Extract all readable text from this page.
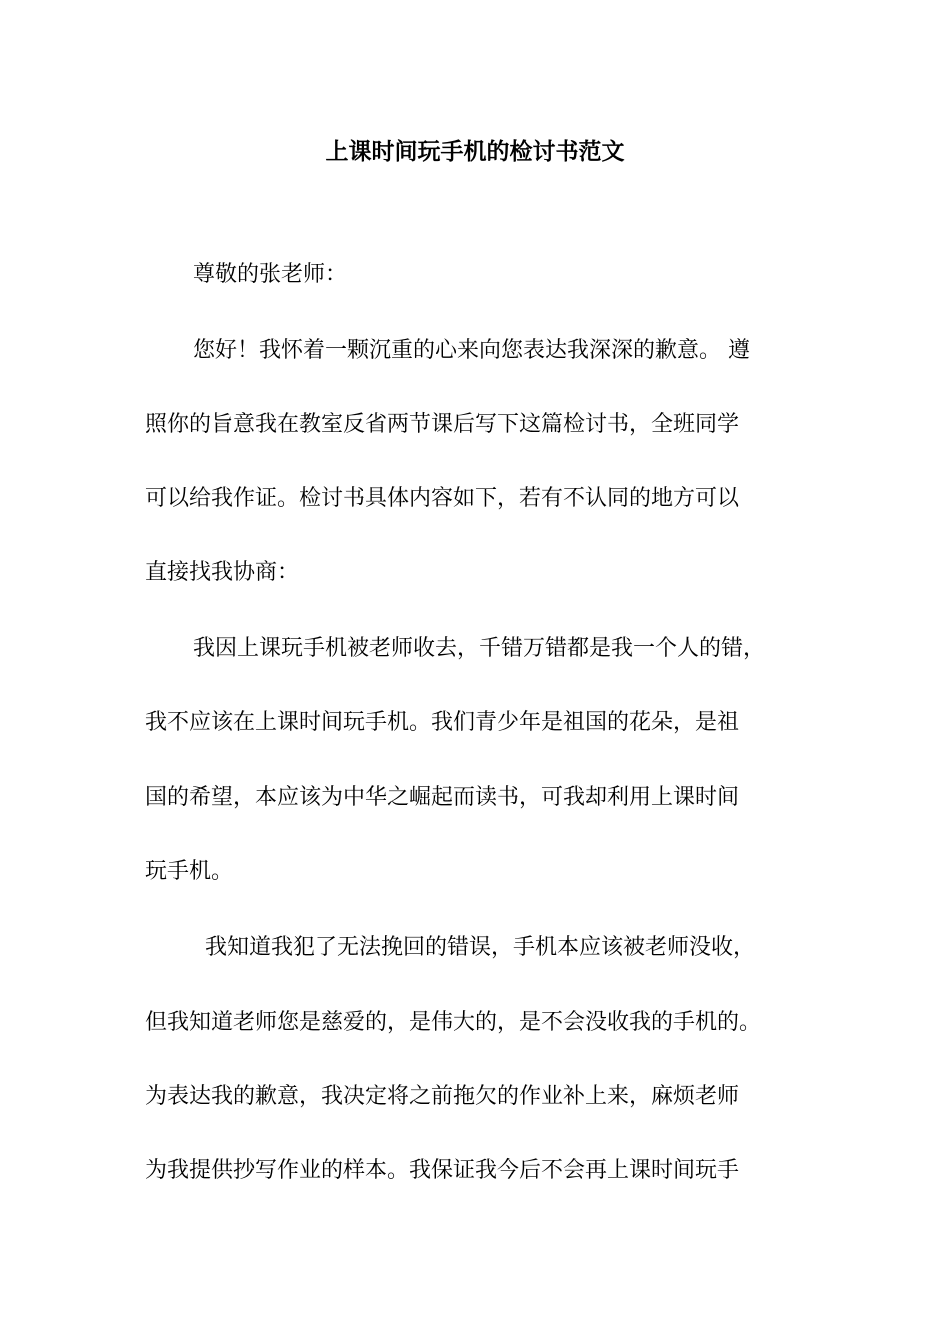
上课时间玩手机的检讨书范文
尊敬的张老师：
您好！我怀着一颗沉重的心来向您表达我深深的歉意。 遵
照你的旨意我在教室反省两节课后写下这篇检讨书，全班同学
可以给我作证。检讨书具体内容如下，若有不认同的地方可以
直接找我协商：
我因上课玩手机被老师收去，千错万错都是我一个人的错，
我不应该在上课时间玩手机。我们青少年是祖国的花朵，是祖
国的希望，本应该为中华之崛起而读书，可我却利用上课时间
玩手机。
我知道我犯了无法挽回的错误，手机本应该被老师没收，
但我知道老师您是慈爱的，是伟大的，是不会没收我的手机的。
为表达我的歉意，我决定将之前拖欠的作业补上来，麻烦老师
为我提供抄写作业的样本。我保证我今后不会再上课时间玩手
